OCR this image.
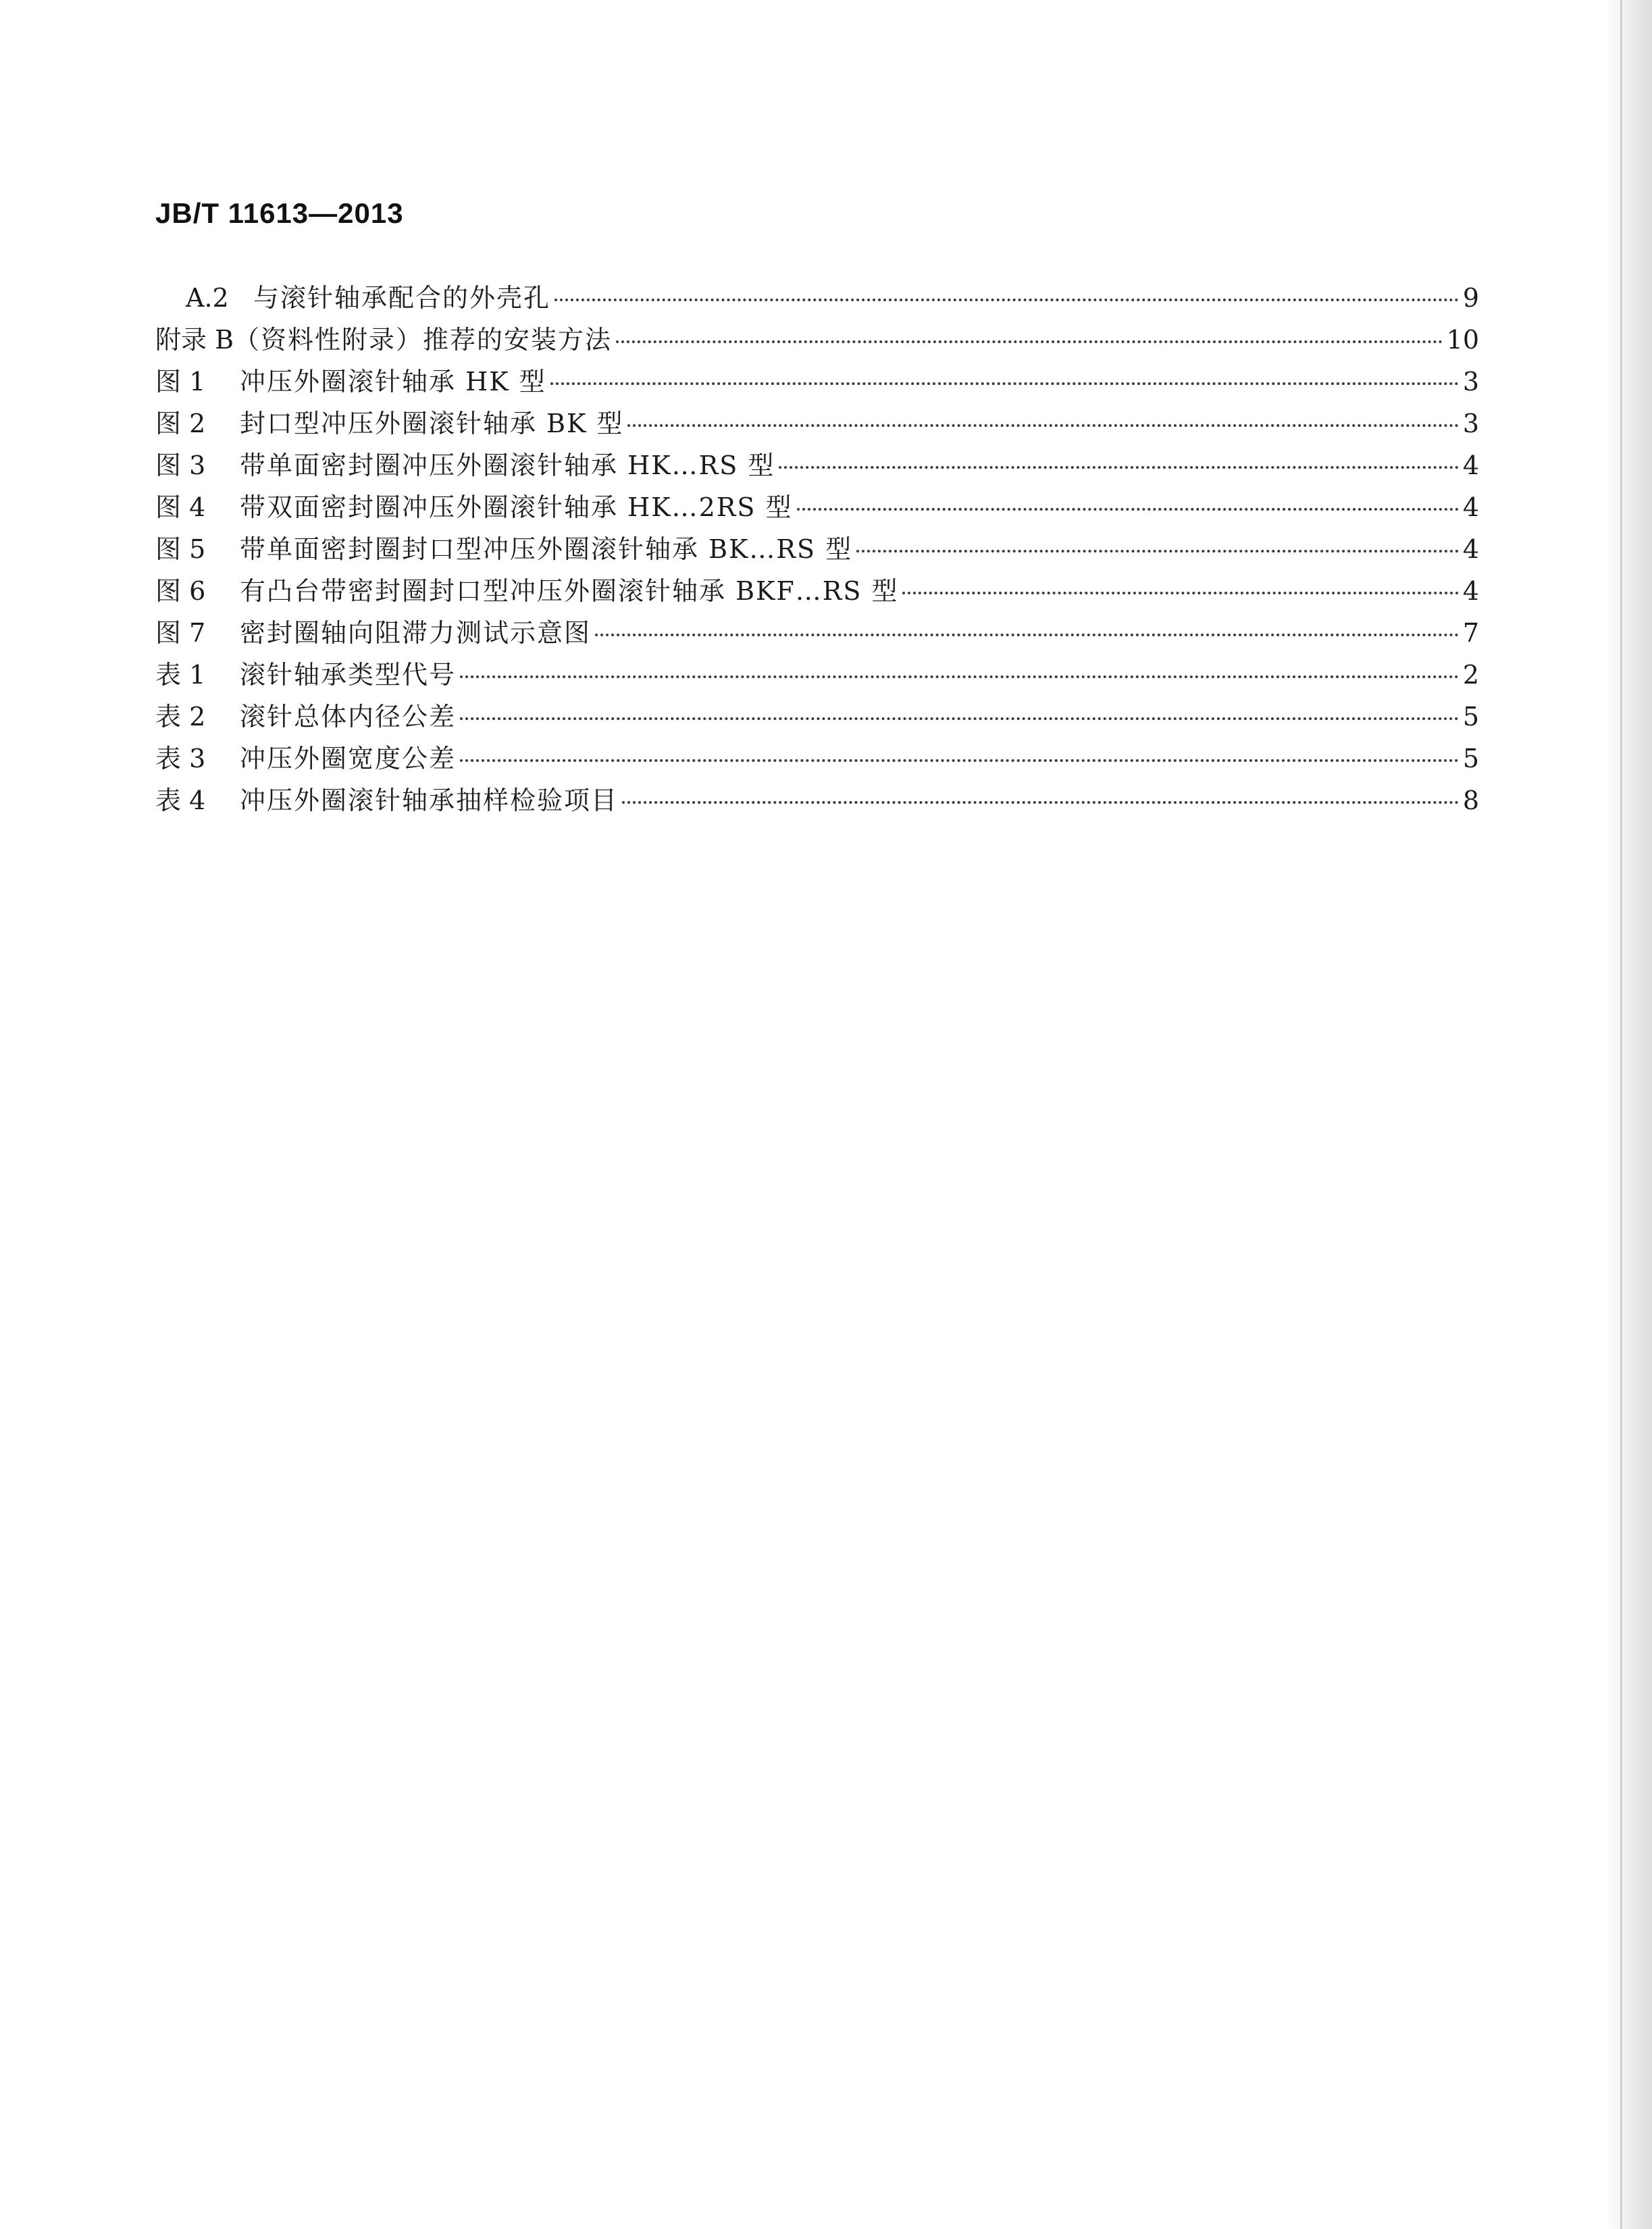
JB/T 11613—2013
A.2 与滚针轴承配合的外壳孔	9
附录 B （资料性附录）推荐的安装方法	10
图 1	冲压外圈滚针轴承 HK 型	3
图 2	封口型冲压外圈滚针轴承 BK 型	3
图 3	带单面密封圈冲压外圈滚针轴承 HK…RS 型	4
图 4	带双面密封圈冲压外圈滚针轴承 HK…2RS 型	4
图 5	带单面密封圈封口型冲压外圈滚针轴承 BK…RS 型	4
图 6	有凸台带密封圈封口型冲压外圈滚针轴承 BKF…RS 型	4
图 7	密封圈轴向阻滞力测试示意图	7
表 1	滚针轴承类型代号	2
表 2	滚针总体内径公差	5
表 3	冲压外圈宽度公差	5
表 4	冲压外圈滚针轴承抽样检验项目	8
